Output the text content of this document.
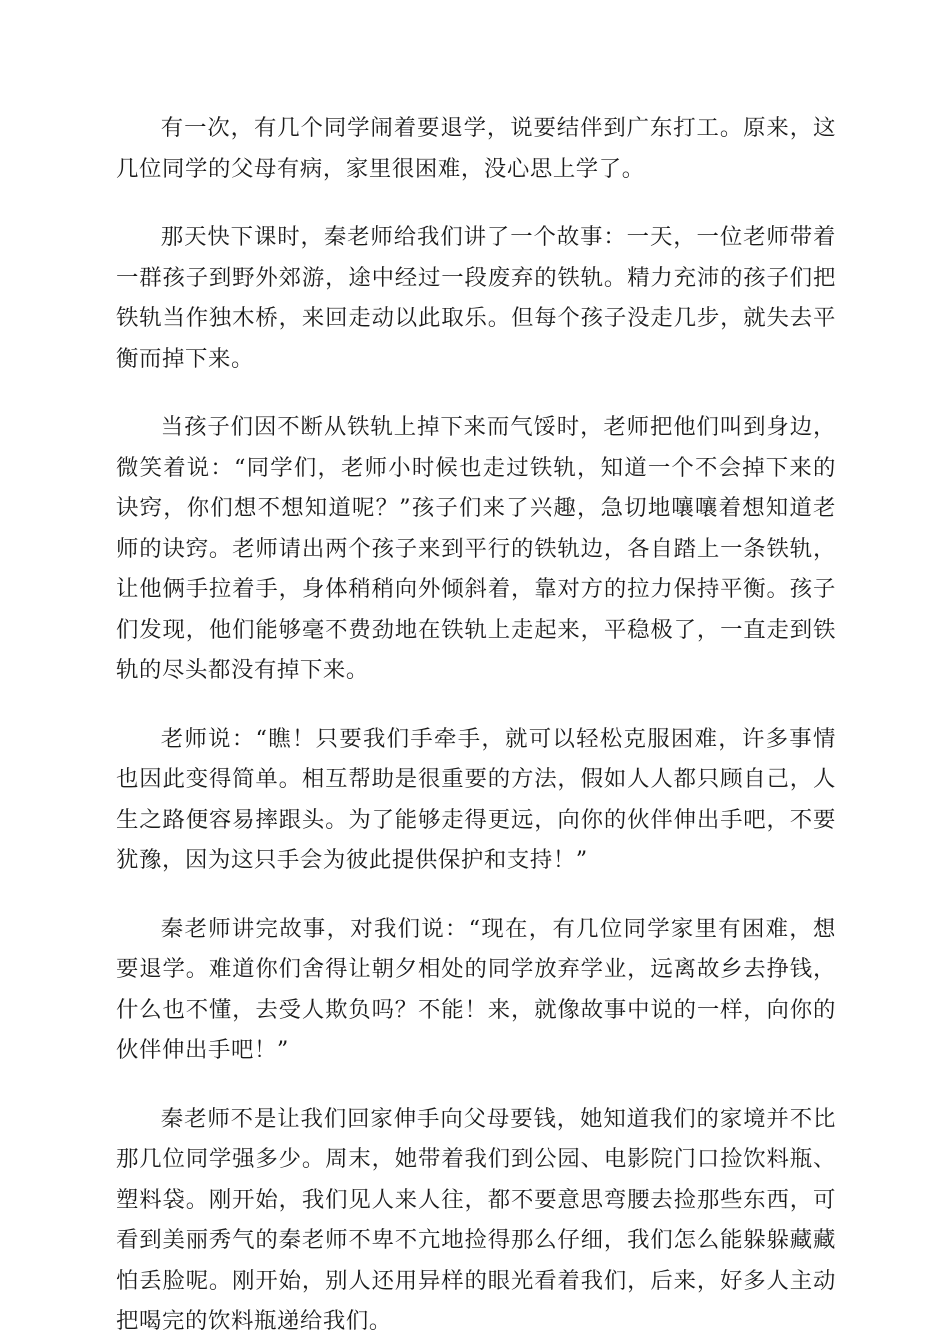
有一次，有几个同学闹着要退学，说要结伴到广东打工。原来，这几位同学的父母有病，家里很困难，没心思上学了。

那天快下课时，秦老师给我们讲了一个故事：一天，一位老师带着一群孩子到野外郊游，途中经过一段废弃的铁轨。精力充沛的孩子们把铁轨当作独木桥，来回走动以此取乐。但每个孩子没走几步，就失去平衡而掉下来。

当孩子们因不断从铁轨上掉下来而气馁时，老师把他们叫到身边，微笑着说：“同学们，老师小时候也走过铁轨，知道一个不会掉下来的诀窍，你们想不想知道呢？”孩子们来了兴趣，急切地嚷嚷着想知道老师的诀窍。老师请出两个孩子来到平行的铁轨边，各自踏上一条铁轨，让他俩手拉着手，身体稍稍向外倾斜着，靠对方的拉力保持平衡。孩子们发现，他们能够毫不费劲地在铁轨上走起来，平稳极了，一直走到铁轨的尽头都没有掉下来。

老师说：“瞧！只要我们手牵手，就可以轻松克服困难，许多事情也因此变得简单。相互帮助是很重要的方法，假如人人都只顾自己，人生之路便容易摔跟头。为了能够走得更远，向你的伙伴伸出手吧，不要犹豫，因为这只手会为彼此提供保护和支持！”

秦老师讲完故事，对我们说：“现在，有几位同学家里有困难，想要退学。难道你们舍得让朝夕相处的同学放弃学业，远离故乡去挣钱，什么也不懂，去受人欺负吗？不能！来，就像故事中说的一样，向你的伙伴伸出手吧！”

秦老师不是让我们回家伸手向父母要钱，她知道我们的家境并不比那几位同学强多少。周末，她带着我们到公园、电影院门口捡饮料瓶、塑料袋。刚开始，我们见人来人往，都不要意思弯腰去捡那些东西，可看到美丽秀气的秦老师不卑不亢地捡得那么仔细，我们怎么能躲躲藏藏怕丢脸呢。刚开始，别人还用异样的眼光看着我们，后来，好多人主动把喝完的饮料瓶递给我们。
